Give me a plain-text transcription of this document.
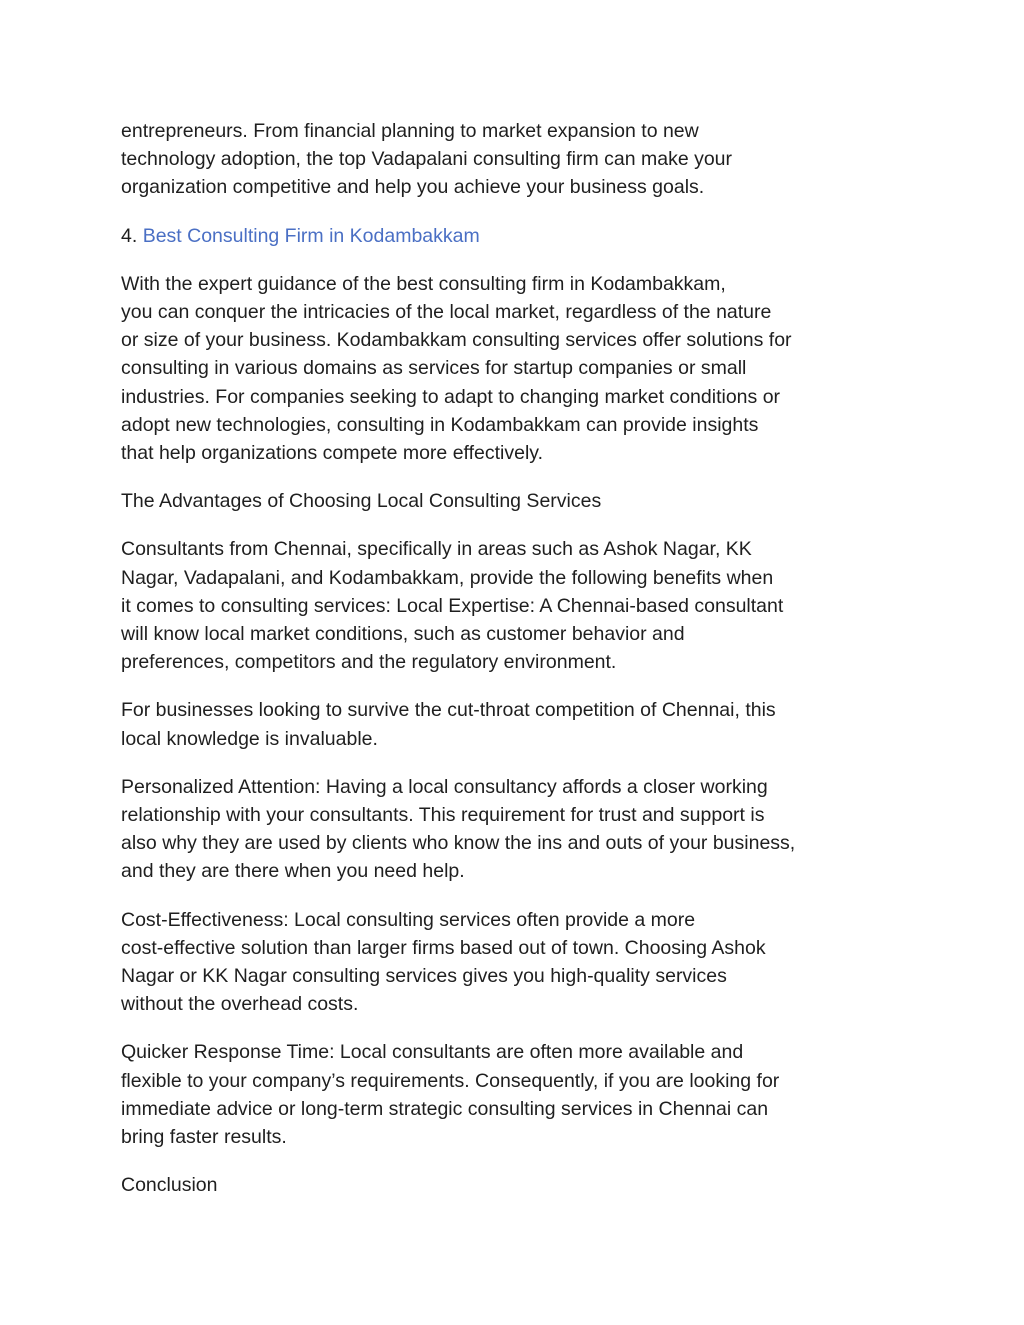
entrepreneurs. From financial planning to market expansion to new
technology adoption, the top Vadapalani consulting firm can make your
organization competitive and help you achieve your business goals.

4. Best Consulting Firm in Kodambakkam

With the expert guidance of the best consulting firm in Kodambakkam,
you can conquer the intricacies of the local market, regardless of the nature
or size of your business. Kodambakkam consulting services offer solutions for
consulting in various domains as services for startup companies or small
industries. For companies seeking to adapt to changing market conditions or
adopt new technologies, consulting in Kodambakkam can provide insights
that help organizations compete more effectively.

The Advantages of Choosing Local Consulting Services

Consultants from Chennai, specifically in areas such as Ashok Nagar, KK
Nagar, Vadapalani, and Kodambakkam, provide the following benefits when
it comes to consulting services: Local Expertise: A Chennai-based consultant
will know local market conditions, such as customer behavior and
preferences, competitors and the regulatory environment.

For businesses looking to survive the cut-throat competition of Chennai, this
local knowledge is invaluable.

Personalized Attention: Having a local consultancy affords a closer working
relationship with your consultants. This requirement for trust and support is
also why they are used by clients who know the ins and outs of your business,
and they are there when you need help.

Cost-Effectiveness: Local consulting services often provide a more
cost-effective solution than larger firms based out of town. Choosing Ashok
Nagar or KK Nagar consulting services gives you high-quality services
without the overhead costs.

Quicker Response Time: Local consultants are often more available and
flexible to your company’s requirements. Consequently, if you are looking for
immediate advice or long-term strategic consulting services in Chennai can
bring faster results.

Conclusion
